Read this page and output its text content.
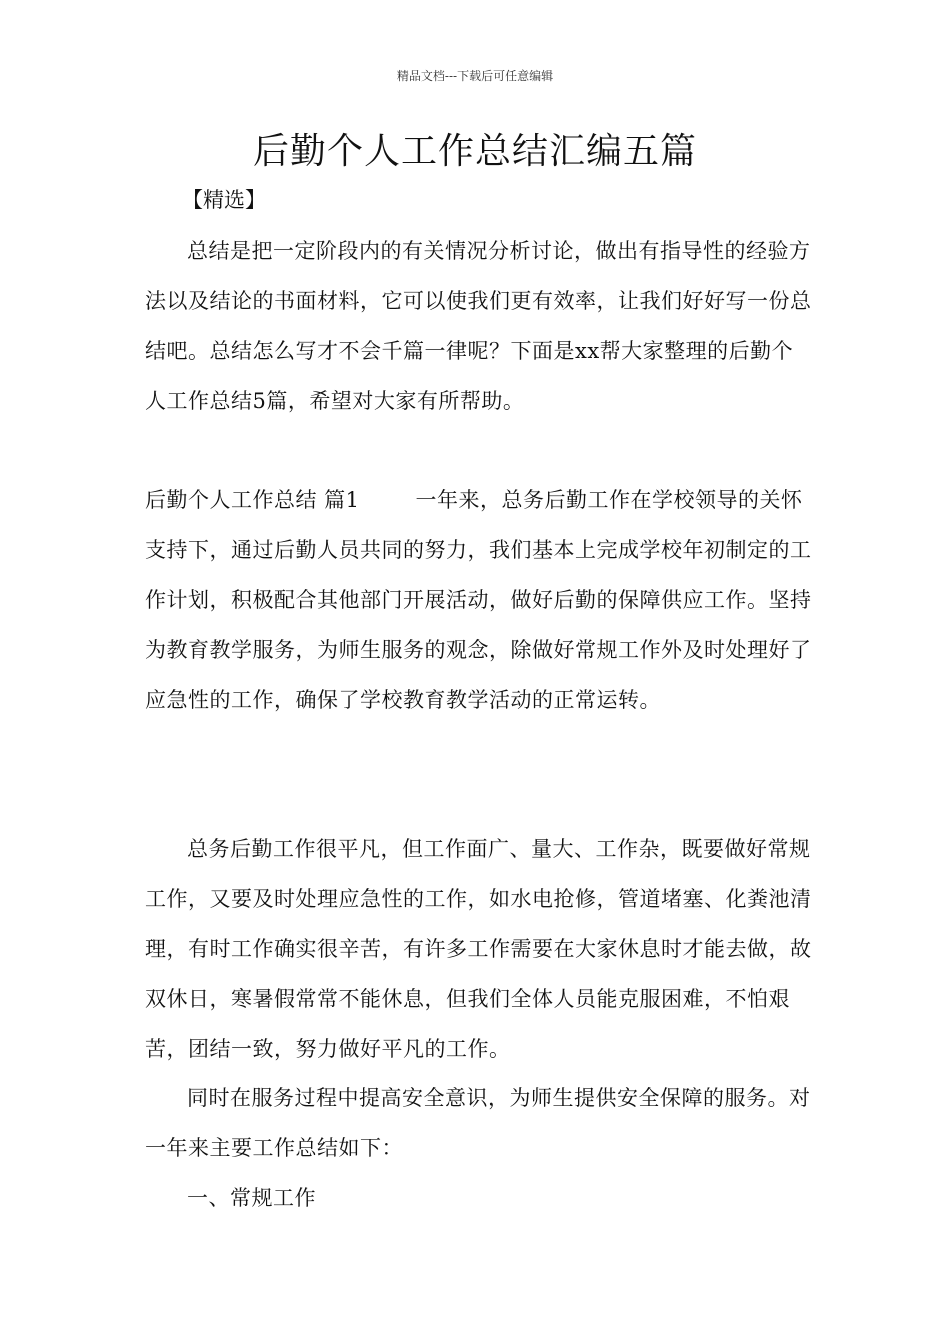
精品文档---下载后可任意编辑
后勤个人工作总结汇编五篇
【精选】

总结是把一定阶段内的有关情况分析讨论，做出有指导性的经验方法以及结论的书面材料，它可以使我们更有效率，让我们好好写一份总结吧。总结怎么写才不会千篇一律呢？下面是xx帮大家整理的后勤个人工作总结5篇，希望对大家有所帮助。

后勤个人工作总结 篇1	一年来，总务后勤工作在学校领导的关怀支持下，通过后勤人员共同的努力，我们基本上完成学校年初制定的工作计划，积极配合其他部门开展活动，做好后勤的保障供应工作。坚持为教育教学服务，为师生服务的观念，除做好常规工作外及时处理好了应急性的工作，确保了学校教育教学活动的正常运转。

总务后勤工作很平凡，但工作面广、量大、工作杂，既要做好常规工作，又要及时处理应急性的工作，如水电抢修，管道堵塞、化粪池清理，有时工作确实很辛苦，有许多工作需要在大家休息时才能去做，故双休日，寒暑假常常不能休息，但我们全体人员能克服困难，不怕艰苦，团结一致，努力做好平凡的工作。

同时在服务过程中提高安全意识，为师生提供安全保障的服务。对一年来主要工作总结如下：

一、常规工作
